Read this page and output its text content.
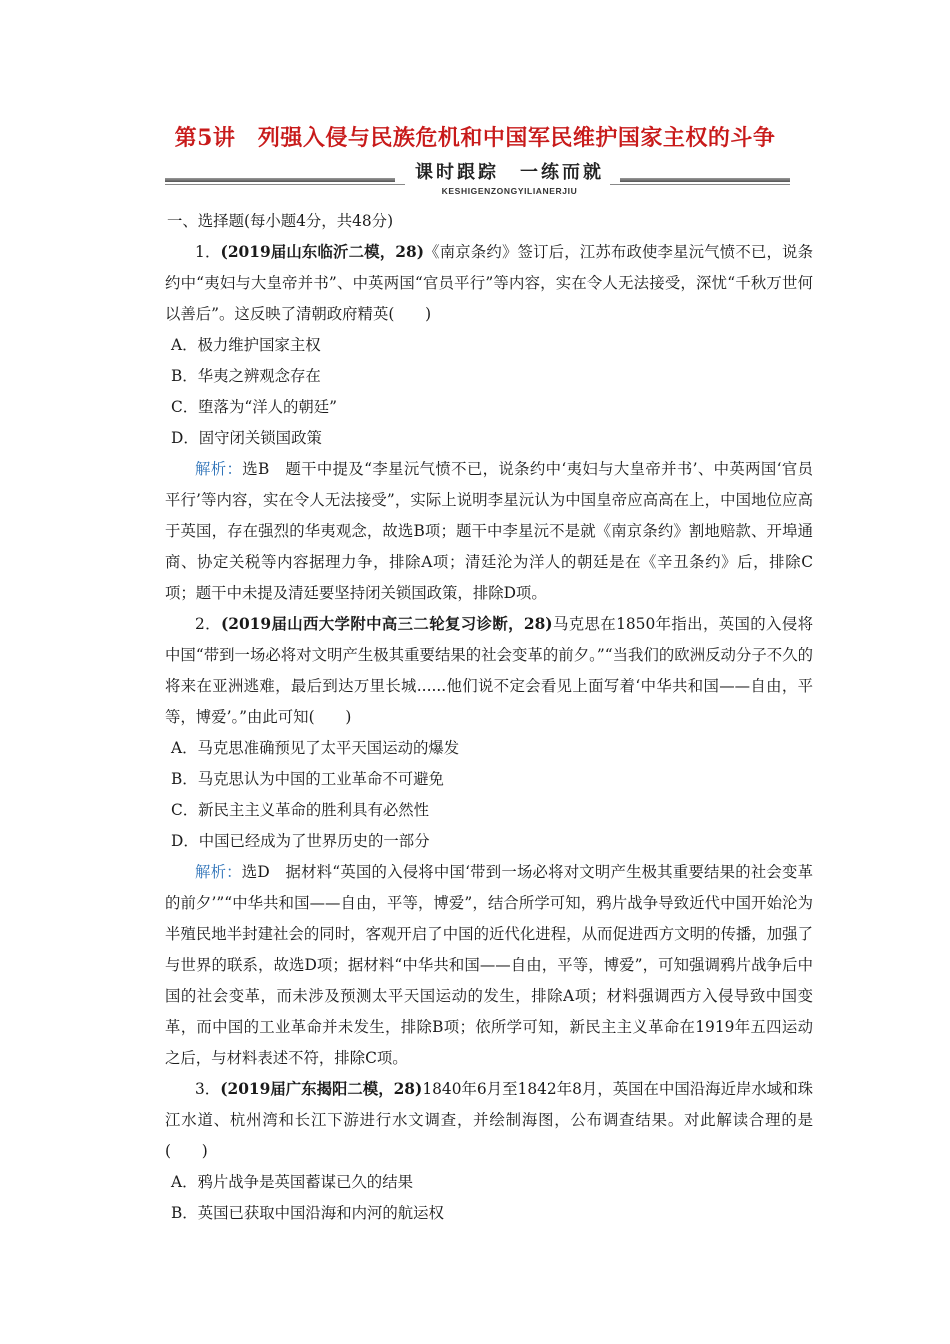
第5讲　列强入侵与民族危机和中国军民维护国家主权的斗争
课时跟踪　一练而就
KESHIGENZONGYILIANERJIU

一、选择题(每小题4分，共48分)

1．(2019届山东临沂二模，28)《南京条约》签订后，江苏布政使李星沅气愤不已，说条约中“夷妇与大皇帝并书”、中英两国“官员平行”等内容，实在令人无法接受，深忧“千秋万世何以善后”。这反映了清朝政府精英(　　)

A．极力维护国家主权

B．华夷之辨观念存在

C．堕落为“洋人的朝廷”

D．固守闭关锁国政策

解析：选B　题干中提及“李星沅气愤不已，说条约中‘夷妇与大皇帝并书’、中英两国‘官员平行’等内容，实在令人无法接受”，实际上说明李星沅认为中国皇帝应高高在上，中国地位应高于英国，存在强烈的华夷观念，故选B项；题干中李星沅不是就《南京条约》割地赔款、开埠通商、协定关税等内容据理力争，排除A项；清廷沦为洋人的朝廷是在《辛丑条约》后，排除C项；题干中未提及清廷要坚持闭关锁国政策，排除D项。

2．(2019届山西大学附中高三二轮复习诊断，28)马克思在1850年指出，英国的入侵将中国“带到一场必将对文明产生极其重要结果的社会变革的前夕。”“当我们的欧洲反动分子不久的将来在亚洲逃难，最后到达万里长城......他们说不定会看见上面写着‘中华共和国——自由，平等，博爱’。”由此可知(　　)

A．马克思准确预见了太平天国运动的爆发

B．马克思认为中国的工业革命不可避免

C．新民主主义革命的胜利具有必然性

D．中国已经成为了世界历史的一部分

解析：选D　据材料“英国的入侵将中国‘带到一场必将对文明产生极其重要结果的社会变革的前夕’”“中华共和国——自由，平等，博爱”，结合所学可知，鸦片战争导致近代中国开始沦为半殖民地半封建社会的同时，客观开启了中国的近代化进程，从而促进西方文明的传播，加强了与世界的联系，故选D项；据材料“中华共和国——自由，平等，博爱”，可知强调鸦片战争后中国的社会变革，而未涉及预测太平天国运动的发生，排除A项；材料强调西方入侵导致中国变革，而中国的工业革命并未发生，排除B项；依所学可知，新民主主义革命在1919年五四运动之后，与材料表述不符，排除C项。

3．(2019届广东揭阳二模，28)1840年6月至1842年8月，英国在中国沿海近岸水域和珠江水道、杭州湾和长江下游进行水文调查，并绘制海图，公布调查结果。对此解读合理的是(　　)

A．鸦片战争是英国蓄谋已久的结果

B．英国已获取中国沿海和内河的航运权
